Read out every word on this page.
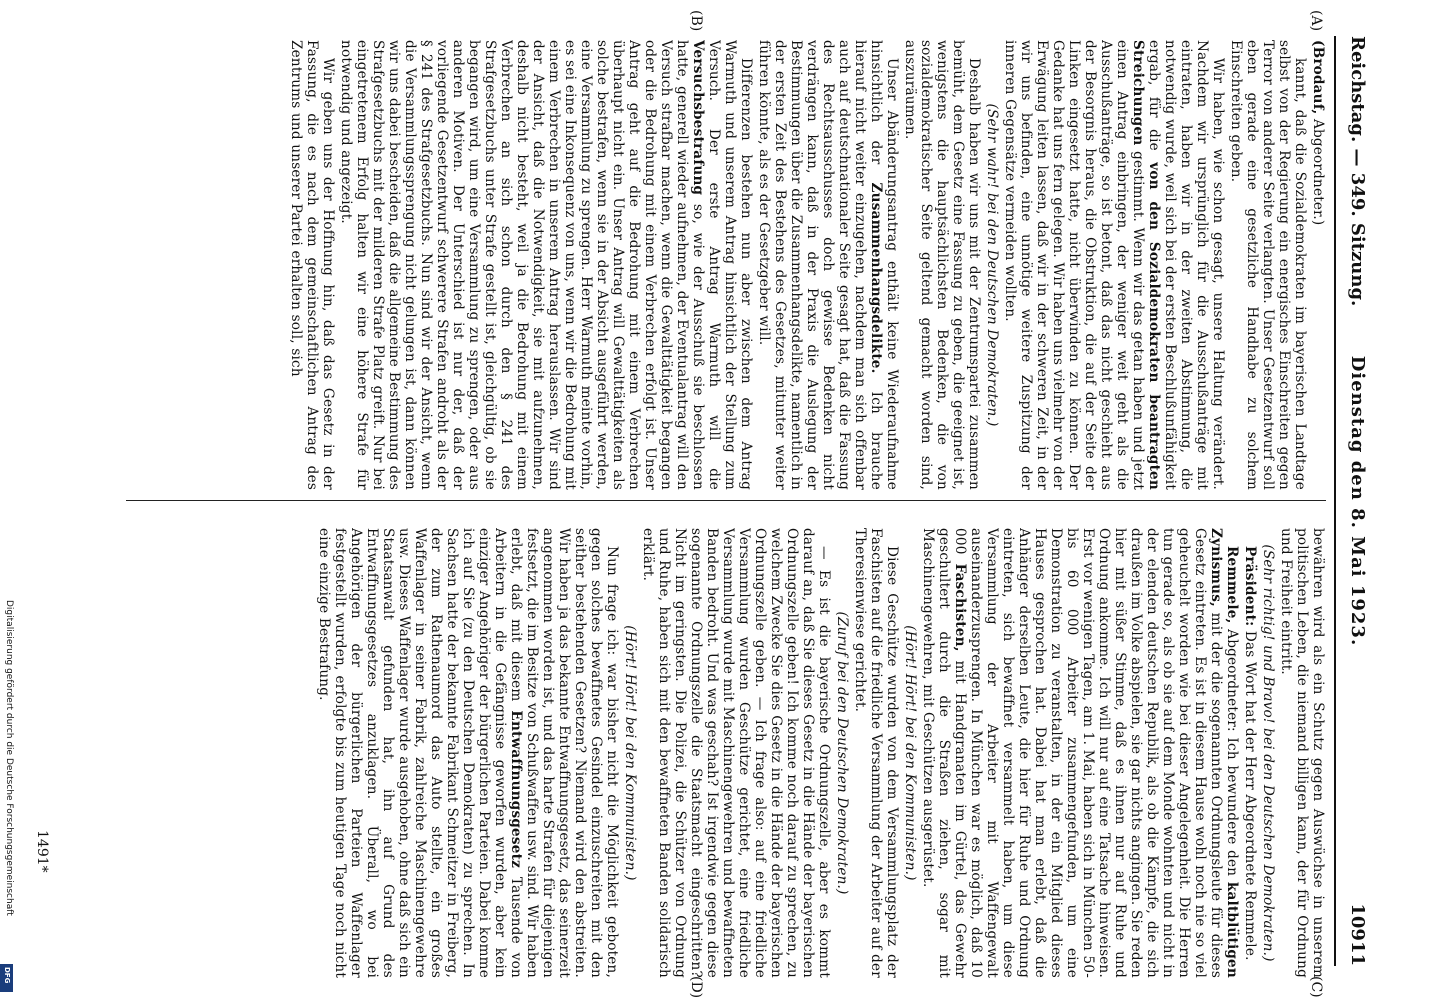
Reichstag. — 349. Sitzung.
Dienstag den 8. Mai 1923.
10911
(A)
(B)
(C)
(D)

(Brodauf, Abgeordneter.)

kannt, daß die Sozialdemokraten im bayerischen Landtage selbst von der Regierung ein energisches Einschreiten gegen Terror von anderer Seite verlangten. Unser Gesetzentwurf soll eben gerade eine gesetzliche Handhabe zu solchem Einschreiten geben.

Wir haben, wie schon gesagt, unsere Haltung verändert. Nachdem wir ursprünglich für die Ausschußanträge mit eintraten, haben wir in der zweiten Abstimmung, die notwendig wurde, weil sich bei der ersten Beschlußunfähigkeit ergab, für die von den Sozialdemokraten beantragten Streichungen gestimmt. Wenn wir das getan haben und jetzt einen Antrag einbringen, der weniger weit geht als die Ausschußanträge, so ist betont, daß das nicht geschieht aus der Besorgnis heraus, die Obstruktion, die auf der Seite der Linken eingesetzt hatte, nicht überwinden zu können. Der Gedanke hat uns fern gelegen. Wir haben uns vielmehr von der Erwägung leiten lassen, daß wir in der schweren Zeit, in der wir uns befinden, eine unnötige weitere Zuspitzung der inneren Gegensätze vermeiden wollten.

(Sehr wahr! bei den Deutschen Demokraten.)

Deshalb haben wir uns mit der Zentrumspartei zusammen bemüht, dem Gesetz eine Fassung zu geben, die geeignet ist, wenigstens die hauptsächlichsten Bedenken, die von sozialdemokratischer Seite geltend gemacht worden sind, auszuräumen.

Unser Abänderungsantrag enthält keine Wiederaufnahme hinsichtlich der Zusammenhangsdelikte. Ich brauche hierauf nicht weiter einzugehen, nachdem man sich offenbar auch auf deutschnationaler Seite gesagt hat, daß die Fassung des Rechtsausschusses doch gewisse Bedenken nicht verdrängen kann, daß in der Praxis die Auslegung der Bestimmungen über die Zusammenhangsdelikte, namentlich in der ersten Zeit des Bestehens des Gesetzes, mitunter weiter führen könnte, als es der Gesetzgeber will.

Differenzen bestehen nun aber zwischen dem Antrag Warmuth und unserem Antrag hinsichtlich der Stellung zum Versuch. Der erste Antrag Warmuth will die Versuchsbestrafung so, wie der Ausschuß sie beschlossen hatte, generell wieder aufnehmen, der Eventualantrag will den Versuch strafbar machen, wenn die Gewalttätigkeit begangen oder die Bedrohung mit einem Verbrechen erfolgt ist. Unser Antrag geht auf die Bedrohung mit einem Verbrechen überhaupt nicht ein. Unser Antrag will Gewalttätigkeiten als solche bestrafen, wenn sie in der Absicht ausgeführt werden, eine Versammlung zu sprengen. Herr Warmuth meinte vorhin, es sei eine Inkonsequenz von uns, wenn wir die Bedrohung mit einem Verbrechen in unserem Antrag herauslassen. Wir sind der Ansicht, daß die Notwendigkeit, sie mit aufzunehmen, deshalb nicht besteht, weil ja die Bedrohung mit einem Verbrechen an sich schon durch den § 241 des Strafgesetzbuchs unter Strafe gestellt ist, gleichgültig, ob sie begangen wird, um eine Versammlung zu sprengen, oder aus anderen Motiven. Der Unterschied ist nur der, daß der vorliegende Gesetzentwurf schwerere Strafen androht als der § 241 des Strafgesetzbuchs. Nun sind wir der Ansicht, wenn die Versammlungssprengung nicht gelungen ist, dann können wir uns dabei bescheiden, daß die allgemeine Bestimmung des Strafgesetzbuchs mit der milderen Strafe Platz greift. Nur bei eingetretenem Erfolg halten wir eine höhere Strafe für notwendig und angezeigt.

Wir geben uns der Hoffnung hin, daß das Gesetz in der Fassung, die es nach dem gemeinschaftlichen Antrag des Zentrums und unserer Partei erhalten soll, sich

bewähren wird als ein Schutz gegen Auswüchse in unserem politischen Leben, die niemand billigen kann, der für Ordnung und Freiheit eintritt.

(Sehr richtig! und Bravo! bei den Deutschen Demokraten.)

Präsident: Das Wort hat der Herr Abgeordnete Remmele.

Remmele, Abgeordneter: Ich bewundere den kaltblütigen Zynismus, mit der die sogenannten Ordnungsleute für dieses Gesetz eintreten. Es ist in diesem Hause wohl noch nie so viel geheuchelt worden wie bei dieser Angelegenheit. Die Herren tun gerade so, als ob sie auf dem Monde wohnten und nicht in der elenden deutschen Republik, als ob die Kämpfe, die sich draußen im Volke abspielen, sie gar nichts angingen. Sie reden hier mit süßer Stimme, daß es ihnen nur auf Ruhe und Ordnung ankomme. Ich will nur auf eine Tatsache hinweisen. Erst vor wenigen Tagen, am 1. Mai, haben sich in München 50- bis 60 000 Arbeiter zusammengefunden, um eine Demonstration zu veranstalten, in der ein Mitglied dieses Hauses gesprochen hat. Dabei hat man erlebt, daß die Anhänger derselben Leute, die hier für Ruhe und Ordnung eintreten, sich bewaffnet versammelt haben, um diese Versammlung der Arbeiter mit Waffengewalt auseinanderzusprengen. In München war es möglich, daß 10 000 Faschisten, mit Handgranaten im Gürtel, das Gewehr geschultert durch die Straßen ziehen, sogar mit Maschinengewehren, mit Geschützen ausgerüstet.

(Hört! Hört! bei den Kommunisten.)

Diese Geschütze wurden von dem Versammlungsplatz der Faschisten auf die friedliche Versammlung der Arbeiter auf der Theresienwiese gerichtet.

(Zuruf bei den Deutschen Demokraten.)

— Es ist die bayerische Ordnungszelle, aber es kommt darauf an, daß Sie dieses Gesetz in die Hände der bayerischen Ordnungszelle geben! Ich komme noch darauf zu sprechen, zu welchem Zwecke Sie dies Gesetz in die Hände der bayerischen Ordnungszelle geben. — Ich frage also: auf eine friedliche Versammlung wurden Geschütze gerichtet, eine friedliche Versammlung wurde mit Maschinengewehren und bewaffneten Banden bedroht. Und was geschah? Ist irgendwie gegen diese sogenannte Ordnungszelle die Staatsmacht eingeschritten? Nicht im geringsten. Die Polizei, die Schützer von Ordnung und Ruhe, haben sich mit den bewaffneten Banden solidarisch erklärt.

(Hört! Hört! bei den Kommunisten.)

Nun frage ich: war bisher nicht die Möglichkeit geboten, gegen solches bewaffnetes Gesindel einzuschreiten mit den seither bestehenden Gesetzen? Niemand wird den abstreiten. Wir haben ja das bekannte Entwaffnungsgesetz, das seinerzeit angenommen worden ist, und das harte Strafen für diejenigen festsetzt, die im Besitze von Schußwaffen usw. sind. Wir haben erlebt, daß mit diesem Entwaffnungsgesetz Tausende von Arbeitern in die Gefängnisse geworfen wurden, aber kein einziger Angehöriger der bürgerlichen Parteien. Dabei komme ich auf Sie (zu den Deutschen Demokraten) zu sprechen. In Sachsen hatte der bekannte Fabrikant Schmeitzer in Freiberg, der zum Rathenaumord das Auto stellte, ein großes Waffenlager in seiner Fabrik, zahlreiche Maschinengewehre usw. Dieses Waffenlager wurde ausgehoben, ohne daß sich ein Staatsanwalt gefunden hat, ihn auf Grund des Entwaffnungsgesetzes anzuklagen. Überall, wo bei Angehörigen der bürgerlichen Parteien Waffenlager festgestellt wurden, erfolgte bis zum heutigen Tage noch nicht eine einzige Bestrafung.

1491*
Digitalisierung gefördert durch die Deutsche Forschungsgemeinschaft
DFG
